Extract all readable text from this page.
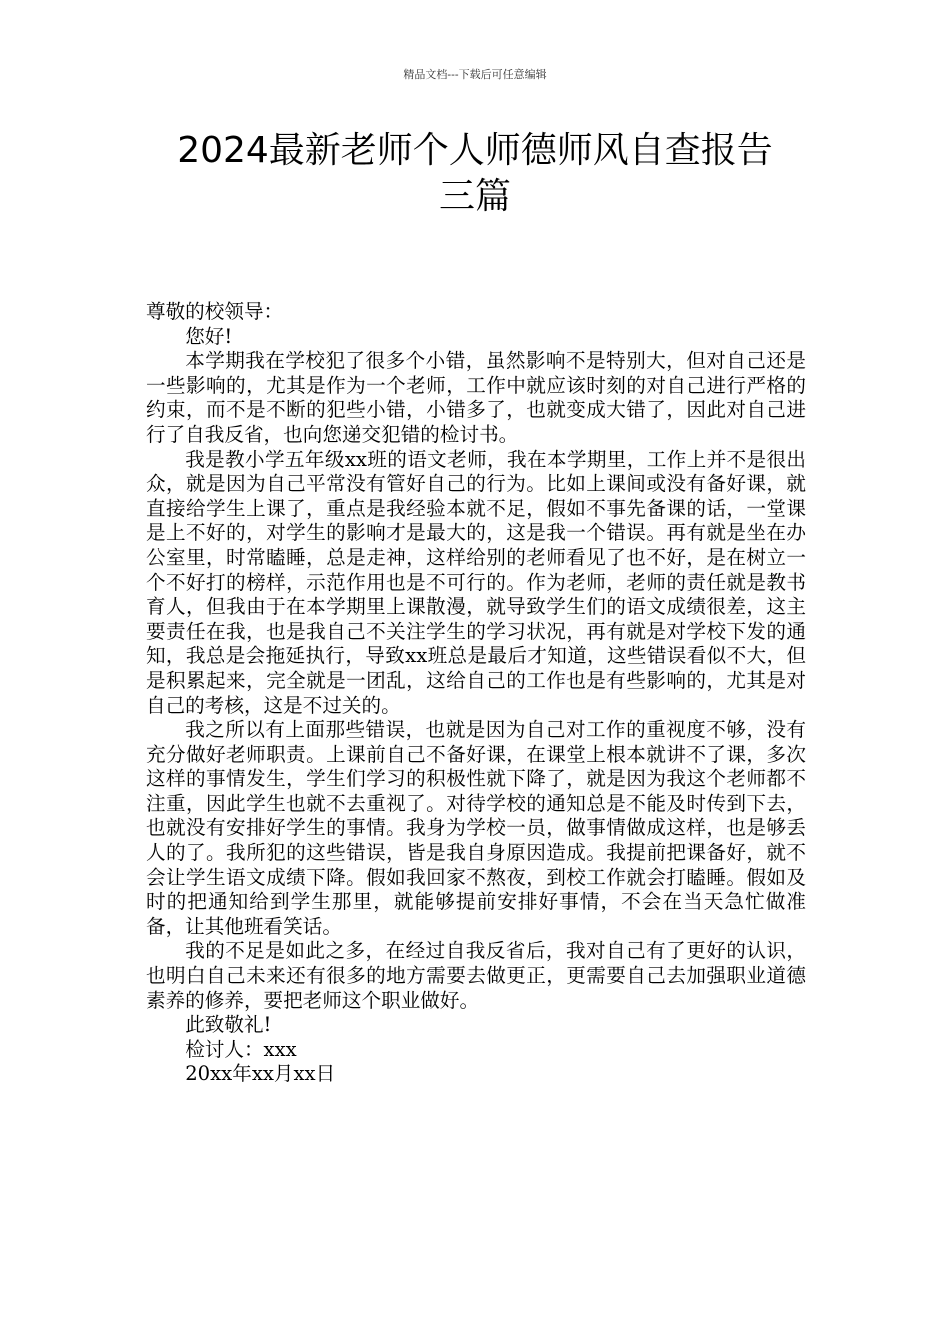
精品文档---下载后可任意编辑
2024最新老师个人师德师风自查报告
三篇

尊敬的校领导：

您好!

本学期我在学校犯了很多个小错，虽然影响不是特别大，但对自己还是一些影响的，尤其是作为一个老师，工作中就应该时刻的对自己进行严格的约束，而不是不断的犯些小错，小错多了，也就变成大错了，因此对自己进行了自我反省，也向您递交犯错的检讨书。

我是教小学五年级xx班的语文老师，我在本学期里，工作上并不是很出众，就是因为自己平常没有管好自己的行为。比如上课间或没有备好课，就直接给学生上课了，重点是我经验本就不足，假如不事先备课的话，一堂课是上不好的，对学生的影响才是最大的，这是我一个错误。再有就是坐在办公室里，时常瞌睡，总是走神，这样给别的老师看见了也不好，是在树立一个不好打的榜样，示范作用也是不可行的。作为老师，老师的责任就是教书育人，但我由于在本学期里上课散漫，就导致学生们的语文成绩很差，这主要责任在我，也是我自己不关注学生的学习状况，再有就是对学校下发的通知，我总是会拖延执行，导致xx班总是最后才知道，这些错误看似不大，但是积累起来，完全就是一团乱，这给自己的工作也是有些影响的，尤其是对自己的考核，这是不过关的。

我之所以有上面那些错误，也就是因为自己对工作的重视度不够，没有充分做好老师职责。上课前自己不备好课，在课堂上根本就讲不了课，多次这样的事情发生，学生们学习的积极性就下降了，就是因为我这个老师都不注重，因此学生也就不去重视了。对待学校的通知总是不能及时传到下去，也就没有安排好学生的事情。我身为学校一员，做事情做成这样，也是够丢人的了。我所犯的这些错误，皆是我自身原因造成。我提前把课备好，就不会让学生语文成绩下降。假如我回家不熬夜，到校工作就会打瞌睡。假如及时的把通知给到学生那里，就能够提前安排好事情，不会在当天急忙做准备，让其他班看笑话。

我的不足是如此之多，在经过自我反省后，我对自己有了更好的认识，也明白自己未来还有很多的地方需要去做更正，更需要自己去加强职业道德素养的修养，要把老师这个职业做好。

此致敬礼!

检讨人：xxx

20xx年xx月xx日
